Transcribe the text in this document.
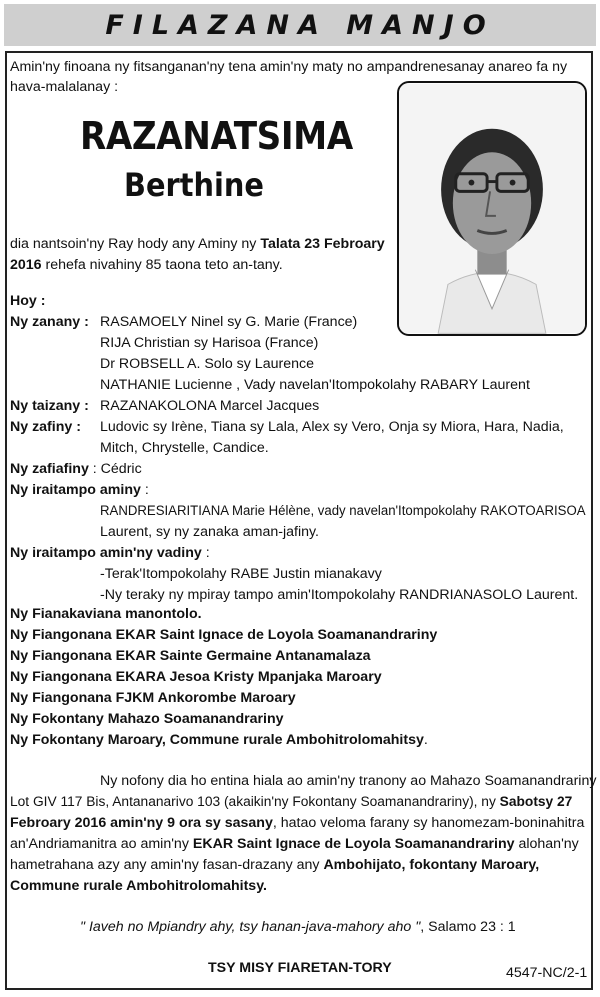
FILAZANA MANJO
Amin'ny finoana ny fitsanganan'ny tena amin'ny maty no ampandrenesanay anareo fa ny
hava-malalanay :
RAZANATSIMA
Berthine
dia nantsoin'ny Ray hody any Aminy ny Talata 23 Febroary
2016 rehefa nivahiny 85 taona teto an-tany.
Hoy :
Ny zanany : RASAMOELY Ninel sy G. Marie (France)
RIJA Christian sy Harisoa (France)
Dr ROBSELL A. Solo sy Laurence
NATHANIE Lucienne , Vady navelan'Itompokolahy RABARY Laurent
Ny taizany : RAZANAKOLONA Marcel Jacques
Ny zafiny : Ludovic sy Irène, Tiana sy Lala, Alex sy Vero, Onja sy Miora, Hara, Nadia,
Mitch, Chrystelle, Candice.
Ny zafiafiny : Cédric
Ny iraitampo aminy :
RANDRESIARITIANA Marie Hélène, vady navelan'Itompokolahy RAKOTOARISOA
Laurent, sy ny zanaka aman-jafiny.
Ny iraitampo amin'ny vadiny :
-Terak'Itompokolahy RABE Justin mianakavy
-Ny teraky ny mpiray tampo amin'Itompokolahy RANDRIANASOLO Laurent.
Ny Fianakaviana manontolo.
Ny Fiangonana EKAR Saint Ignace de Loyola Soamanandrariny
Ny Fiangonana EKAR Sainte Germaine Antanamalaza
Ny Fiangonana EKARA Jesoa Kristy Mpanjaka Maroary
Ny Fiangonana FJKM Ankorombe Maroary
Ny Fokontany Mahazo Soamanandrariny
Ny Fokontany Maroary, Commune rurale Ambohitrolomahitsy.
Ny nofony dia ho entina hiala ao amin'ny tranony ao Mahazo Soamanandrariny
Lot GIV 117 Bis, Antananarivo 103 (akaikin'ny Fokontany Soamanandrariny), ny Sabotsy 27
Febroary 2016 amin'ny 9 ora sy sasany, hatao veloma farany sy hanomezam-boninahitra
an'Andriamanitra ao amin'ny EKAR Saint Ignace de Loyola Soamanandrariny alohan'ny
hametrahana azy any amin'ny fasan-drazany any Ambohijato, fokontany Maroary,
Commune rurale Ambohitrolomahitsy.
" Iaveh no Mpiandry ahy, tsy hanan-java-mahory aho ", Salamo 23 : 1
TSY MISY FIARETAN-TORY	4547-NC/2-1
